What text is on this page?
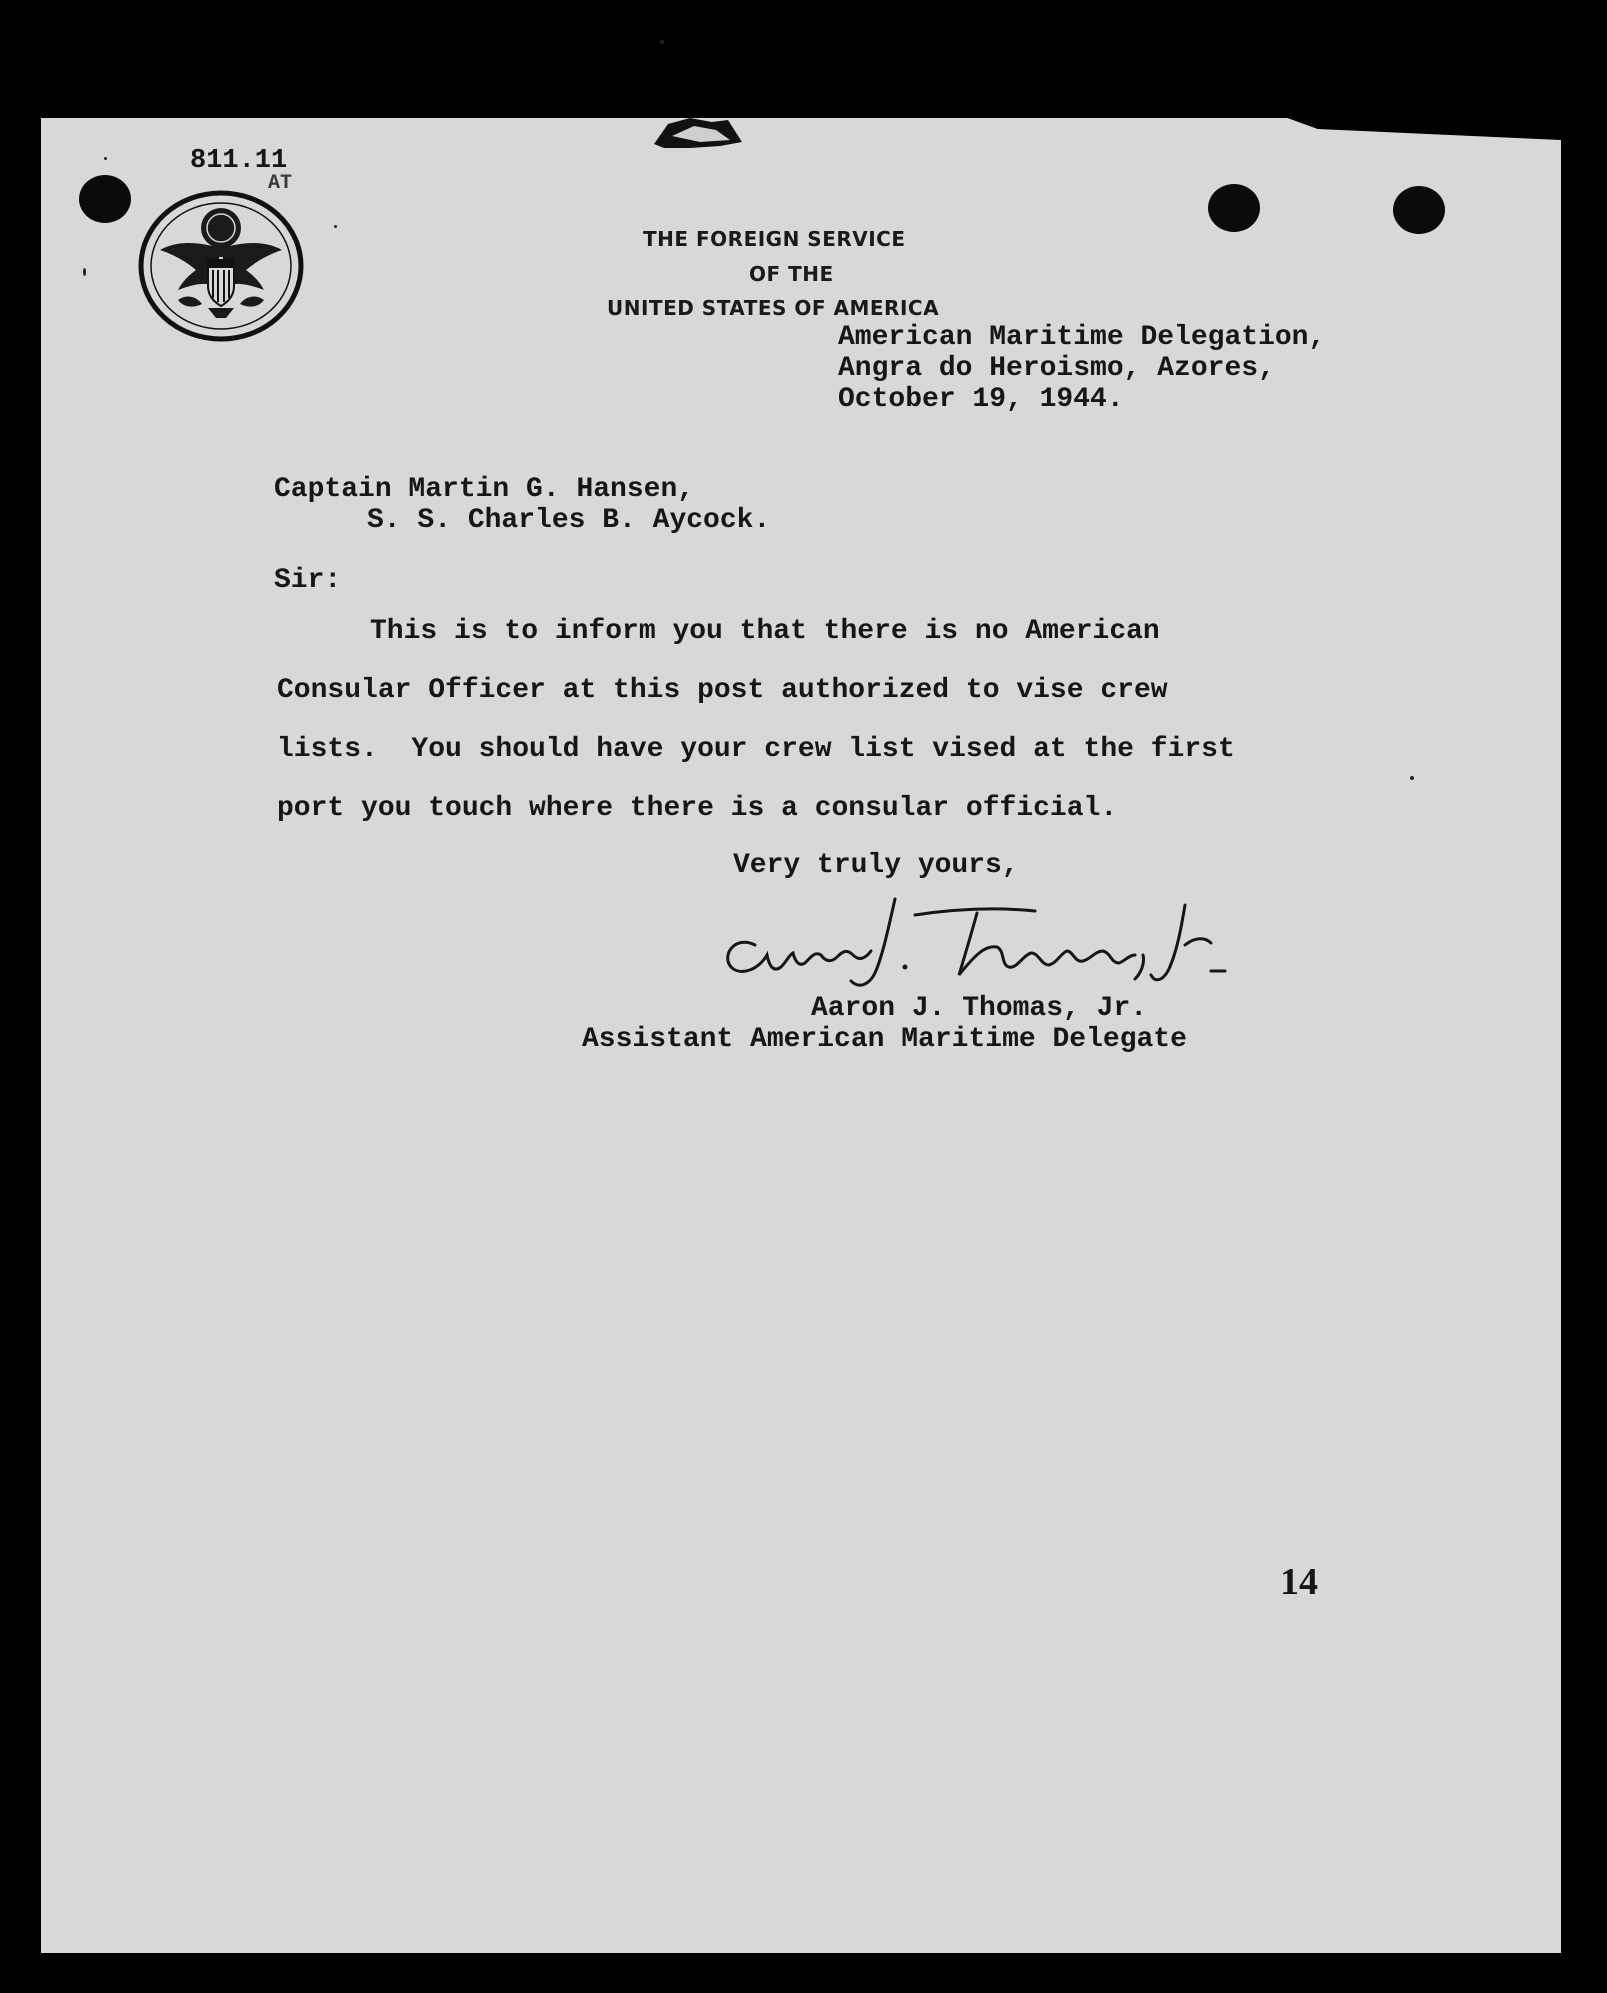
811.11
AT
THE FOREIGN SERVICE
OF THE
UNITED STATES OF AMERICA
American Maritime Delegation,
Angra do Heroismo, Azores,
October 19, 1944.
Captain Martin G. Hansen,
S. S. Charles B. Aycock.
Sir:
This is to inform you that there is no American
Consular Officer at this post authorized to vise crew
lists.  You should have your crew list vised at the first
port you touch where there is a consular official.
Very truly yours,
Aaron J. Thomas, Jr.
Assistant American Maritime Delegate
14
